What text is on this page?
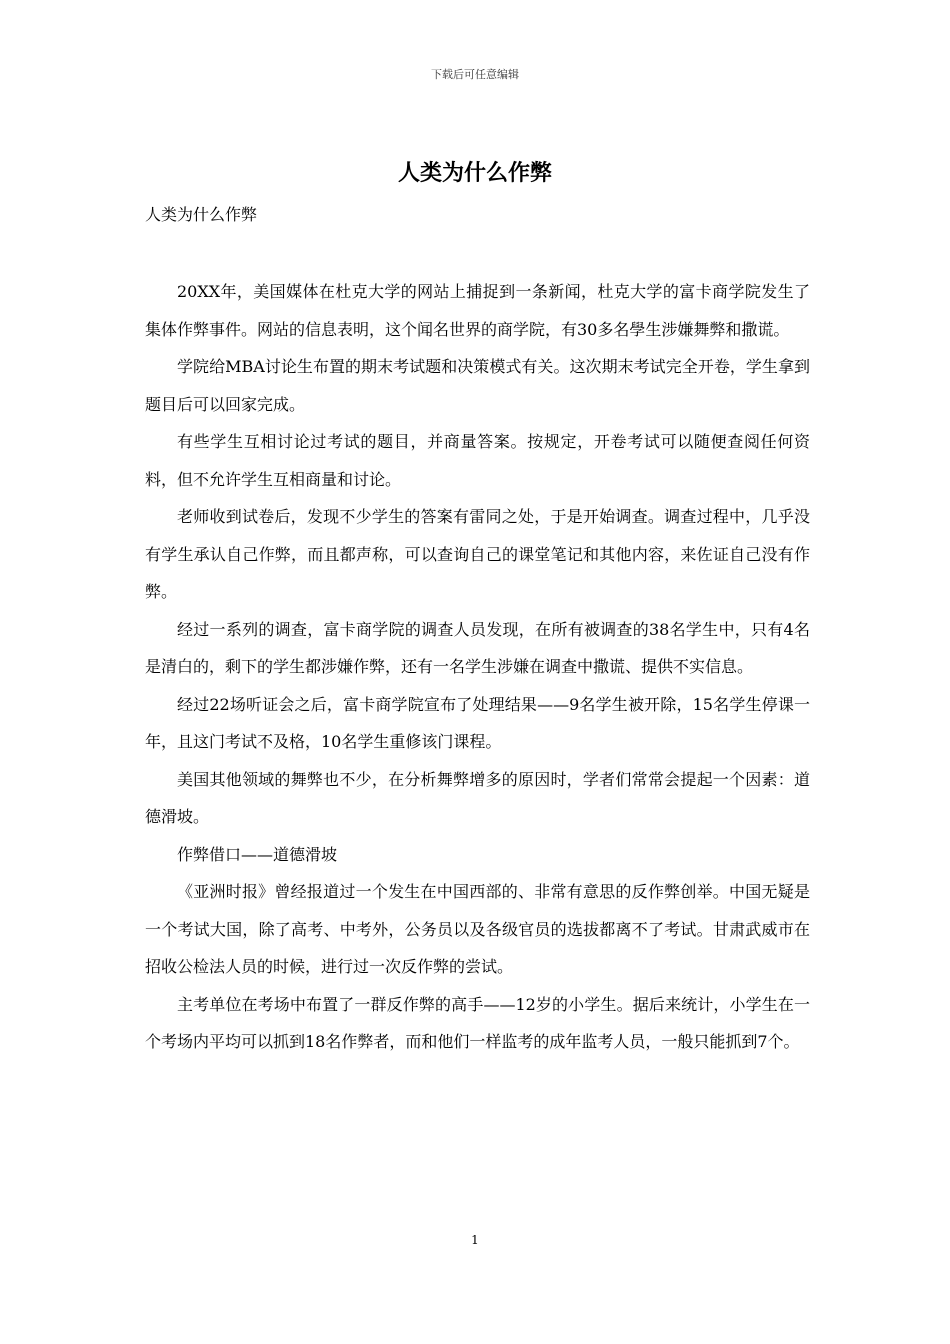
下载后可任意编辑
人类为什么作弊
人类为什么作弊

20XX年，美国媒体在杜克大学的网站上捕捉到一条新闻，杜克大学的富卡商学院发生了集体作弊事件。网站的信息表明，这个闻名世界的商学院，有30多名學生涉嫌舞弊和撒谎。

学院给MBA讨论生布置的期末考试题和决策模式有关。这次期末考试完全开卷，学生拿到题目后可以回家完成。

有些学生互相讨论过考试的题目，并商量答案。按规定，开卷考试可以随便查阅任何资料，但不允许学生互相商量和讨论。

老师收到试卷后，发现不少学生的答案有雷同之处，于是开始调查。调查过程中，几乎没有学生承认自己作弊，而且都声称，可以查询自己的课堂笔记和其他内容，来佐证自己没有作弊。

经过一系列的调查，富卡商学院的调查人员发现，在所有被调查的38名学生中，只有4名是清白的，剩下的学生都涉嫌作弊，还有一名学生涉嫌在调查中撒谎、提供不实信息。

经过22场听证会之后，富卡商学院宣布了处理结果——9名学生被开除，15名学生停课一年，且这门考试不及格，10名学生重修该门课程。

美国其他领域的舞弊也不少，在分析舞弊增多的原因时，学者们常常会提起一个因素：道德滑坡。

作弊借口——道德滑坡

《亚洲时报》曾经报道过一个发生在中国西部的、非常有意思的反作弊创举。中国无疑是一个考试大国，除了高考、中考外，公务员以及各级官员的选拔都离不了考试。甘肃武威市在招收公检法人员的时候，进行过一次反作弊的尝试。

主考单位在考场中布置了一群反作弊的高手——12岁的小学生。据后来统计，小学生在一个考场内平均可以抓到18名作弊者，而和他们一样监考的成年监考人员，一般只能抓到7个。

1
